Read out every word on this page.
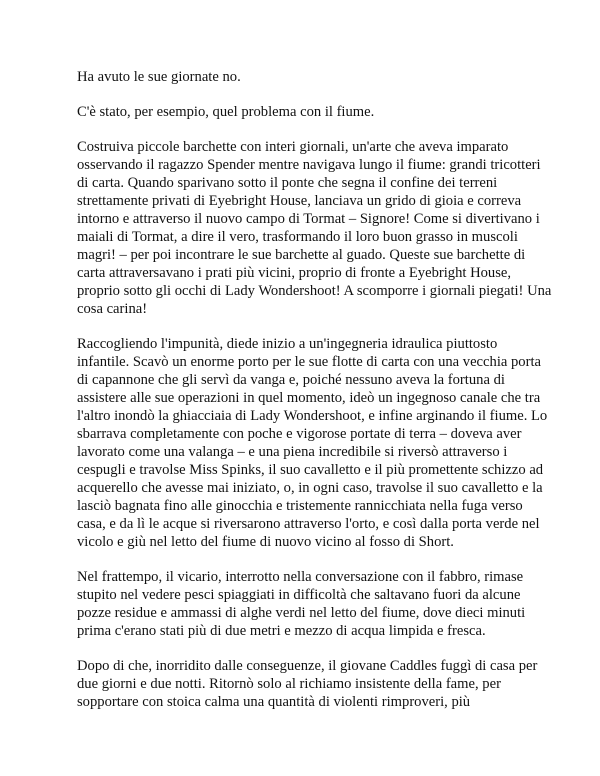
Ha avuto le sue giornate no.

C'è stato, per esempio, quel problema con il fiume.

Costruiva piccole barchette con interi giornali, un'arte che aveva imparato osservando il ragazzo Spender mentre navigava lungo il fiume: grandi tricotteri di carta. Quando sparivano sotto il ponte che segna il confine dei terreni strettamente privati di Eyebright House, lanciava un grido di gioia e correva intorno e attraverso il nuovo campo di Tormat – Signore! Come si divertivano i maiali di Tormat, a dire il vero, trasformando il loro buon grasso in muscoli magri! – per poi incontrare le sue barchette al guado. Queste sue barchette di carta attraversavano i prati più vicini, proprio di fronte a Eyebright House, proprio sotto gli occhi di Lady Wondershoot! A scomporre i giornali piegati! Una cosa carina!

Raccogliendo l'impunità, diede inizio a un'ingegneria idraulica piuttosto infantile. Scavò un enorme porto per le sue flotte di carta con una vecchia porta di capannone che gli servì da vanga e, poiché nessuno aveva la fortuna di assistere alle sue operazioni in quel momento, ideò un ingegnoso canale che tra l'altro inondò la ghiacciaia di Lady Wondershoot, e infine arginando il fiume. Lo sbarrava completamente con poche e vigorose portate di terra – doveva aver lavorato come una valanga – e una piena incredibile si riversò attraverso i cespugli e travolse Miss Spinks, il suo cavalletto e il più promettente schizzo ad acquerello che avesse mai iniziato, o, in ogni caso, travolse il suo cavalletto e la lasciò bagnata fino alle ginocchia e tristemente rannicchiata nella fuga verso casa, e da lì le acque si riversarono attraverso l'orto, e così dalla porta verde nel vicolo e giù nel letto del fiume di nuovo vicino al fosso di Short.

Nel frattempo, il vicario, interrotto nella conversazione con il fabbro, rimase stupito nel vedere pesci spiaggiati in difficoltà che saltavano fuori da alcune pozze residue e ammassi di alghe verdi nel letto del fiume, dove dieci minuti prima c'erano stati più di due metri e mezzo di acqua limpida e fresca.

Dopo di che, inorridito dalle conseguenze, il giovane Caddles fuggì di casa per due giorni e due notti. Ritornò solo al richiamo insistente della fame, per sopportare con stoica calma una quantità di violenti rimproveri, più
